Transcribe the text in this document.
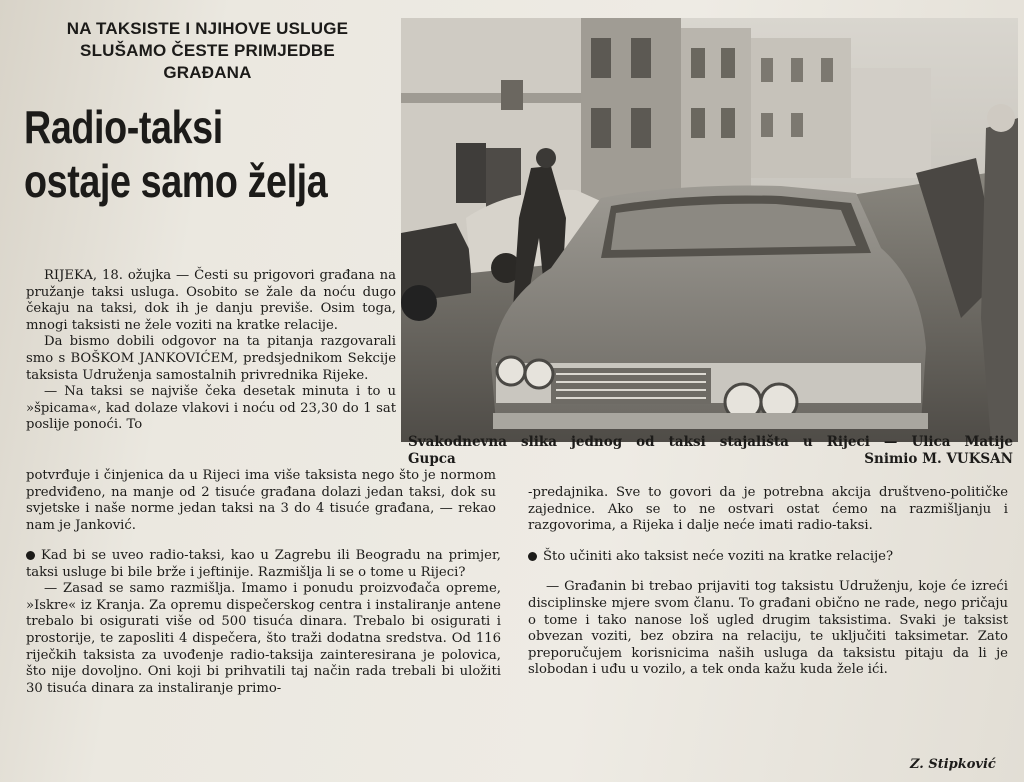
NA TAKSISTE I NJIHOVE USLUGE
SLUŠAMO ČESTE PRIMJEDBE
GRAĐANA
Radio-taksi
ostaje samo želja

RIJEKA, 18. ožujka — Česti su prigovori građana na pružanje taksi usluga. Osobito se žale da noću dugo čekaju na taksi, dok ih je danju previše. Osim toga, mnogi taksisti ne žele voziti na kratke relacije.

Da bismo dobili odgovor na ta pitanja razgovarali smo s BOŠKOM JANKOVIĆEM, predsjednikom Sekcije taksista Udruženja samostalnih privrednika Rijeke.

— Na taksi se najviše čeka desetak minuta i to u »špicama«, kad dolaze vlakovi i noću od 23,30 do 1 sat poslije ponoći. To

Svakodnevna slika jednog od taksi stajališta u Rijeci — Ulica Matije
Gupca	Snimio M. VUKSAN

potvrđuje i činjenica da u Rijeci ima više taksista nego što je normom predviđeno, na manje od 2 tisuće građana dolazi jedan taksi, dok su svjetske i naše norme jedan taksi na 3 do 4 tisuće građana, — rekao nam je Janković.

Kad bi se uveo radio-taksi, kao u Zagrebu ili Beogradu na primjer, taksi usluge bi bile brže i jeftinije. Razmišlja li se o tome u Rijeci?

— Zasad se samo razmišlja. Imamo i ponudu proizvođača opreme, »Iskre« iz Kranja. Za opremu dispečerskog centra i instaliranje antene trebalo bi osigurati više od 500 tisuća dinara. Trebalo bi osigurati i prostorije, te zaposliti 4 dispečera, što traži dodatna sredstva. Od 116 riječkih taksista za uvođenje radio-taksija zainteresirana je polovica, što nije dovoljno. Oni koji bi prihvatili taj način rada trebali bi uložiti 30 tisuća dinara za instaliranje primo-

-predajnika. Sve to govori da je potrebna akcija društveno-političke zajednice. Ako se to ne ostvari ostat ćemo na razmišljanju i razgovorima, a Rijeka i dalje neće imati radio-taksi.

Što učiniti ako taksist neće voziti na kratke relacije?

— Građanin bi trebao prijaviti tog taksistu Udruženju, koje će izreći disciplinske mjere svom članu. To građani obično ne rade, nego pričaju o tome i tako nanose loš ugled drugim taksistima. Svaki je taksist obvezan voziti, bez obzira na relaciju, te uključiti taksimetar. Zato preporučujem korisnicima naših usluga da taksistu pitaju da li je slobodan i uđu u vozilo, a tek onda kažu kuda žele ići.

Z. Stipković
